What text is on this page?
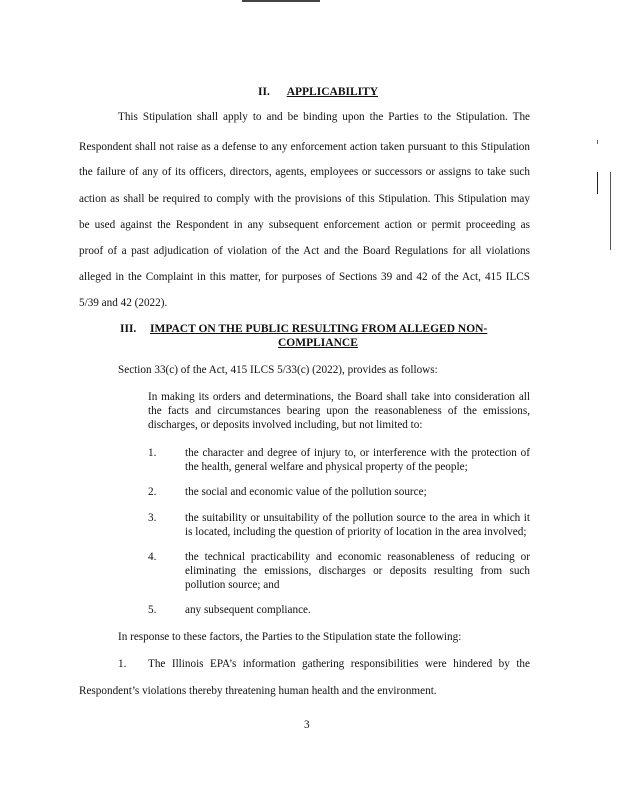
II. APPLICABILITY
This Stipulation shall apply to and be binding upon the Parties to the Stipulation. The
Respondent shall not raise as a defense to any enforcement action taken pursuant to this Stipulation
the failure of any of its officers, directors, agents, employees or successors or assigns to take such
action as shall be required to comply with the provisions of this Stipulation. This Stipulation may
be used against the Respondent in any subsequent enforcement action or permit proceeding as
proof of a past adjudication of violation of the Act and the Board Regulations for all violations
alleged in the Complaint in this matter, for purposes of Sections 39 and 42 of the Act, 415 ILCS
5/39 and 42 (2022).
III. IMPACT ON THE PUBLIC RESULTING FROM ALLEGED NON-
COMPLIANCE
Section 33(c) of the Act, 415 ILCS 5/33(c) (2022), provides as follows:
In making its orders and determinations, the Board shall take into consideration all
the facts and circumstances bearing upon the reasonableness of the emissions,
discharges, or deposits involved including, but not limited to:
1.	the character and degree of injury to, or interference with the protection of
the health, general welfare and physical property of the people;
2.	the social and economic value of the pollution source;
3.	the suitability or unsuitability of the pollution source to the area in which it
is located, including the question of priority of location in the area involved;
4.	the technical practicability and economic reasonableness of reducing or
eliminating the emissions, discharges or deposits resulting from such
pollution source; and
5.	any subsequent compliance.
In response to these factors, the Parties to the Stipulation state the following:
1. The Illinois EPA’s information gathering responsibilities were hindered by the
Respondent’s violations thereby threatening human health and the environment.
3
